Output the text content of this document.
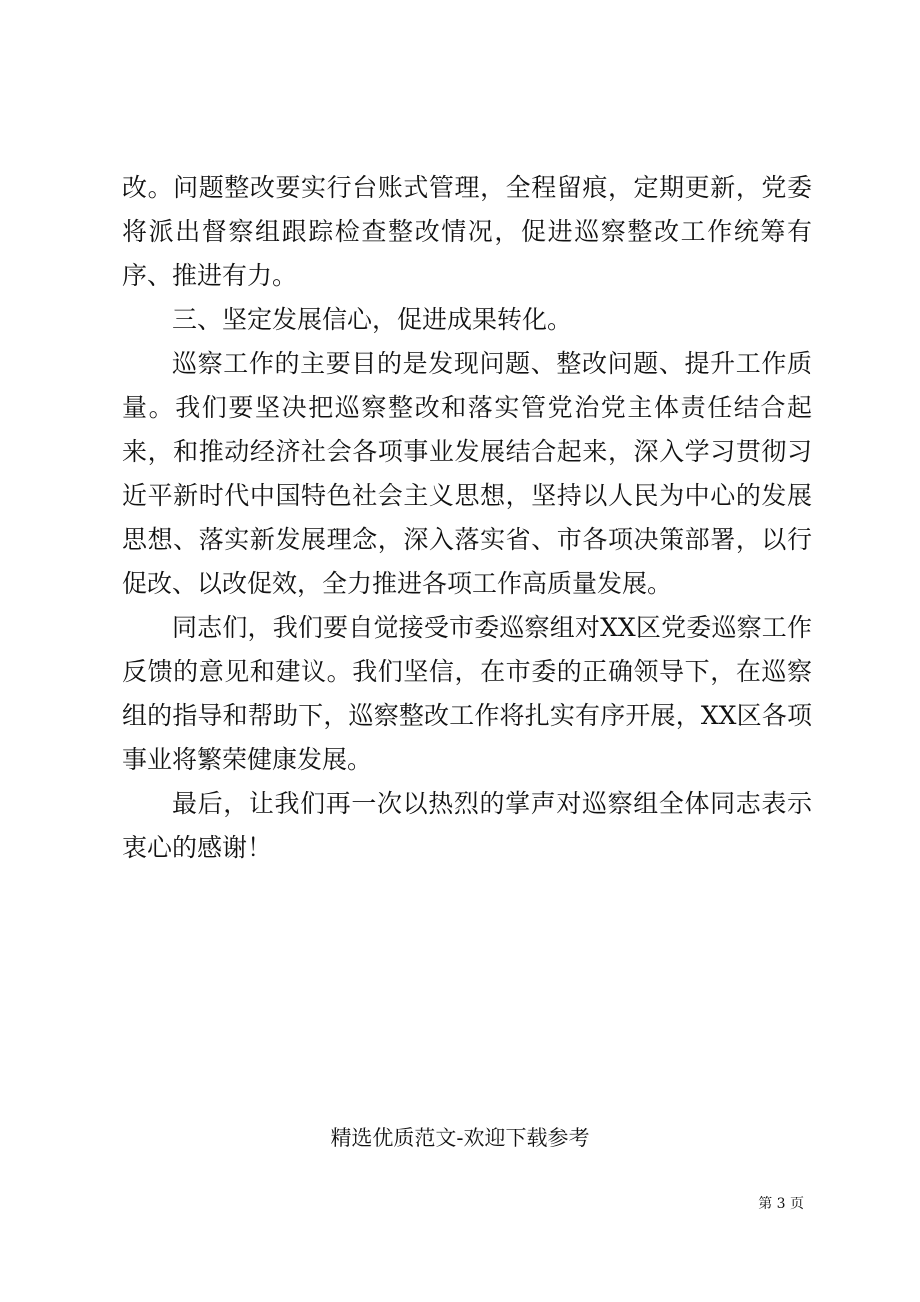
改。问题整改要实行台账式管理，全程留痕，定期更新，党委将派出督察组跟踪检查整改情况，促进巡察整改工作统筹有序、推进有力。

三、坚定发展信心，促进成果转化。

巡察工作的主要目的是发现问题、整改问题、提升工作质量。我们要坚决把巡察整改和落实管党治党主体责任结合起来，和推动经济社会各项事业发展结合起来，深入学习贯彻习近平新时代中国特色社会主义思想，坚持以人民为中心的发展思想、落实新发展理念，深入落实省、市各项决策部署，以行促改、以改促效，全力推进各项工作高质量发展。

同志们，我们要自觉接受市委巡察组对XX区党委巡察工作反馈的意见和建议。我们坚信，在市委的正确领导下，在巡察组的指导和帮助下，巡察整改工作将扎实有序开展，XX区各项事业将繁荣健康发展。

最后，让我们再一次以热烈的掌声对巡察组全体同志表示衷心的感谢！

精选优质范文-欢迎下载参考
第 3 页
